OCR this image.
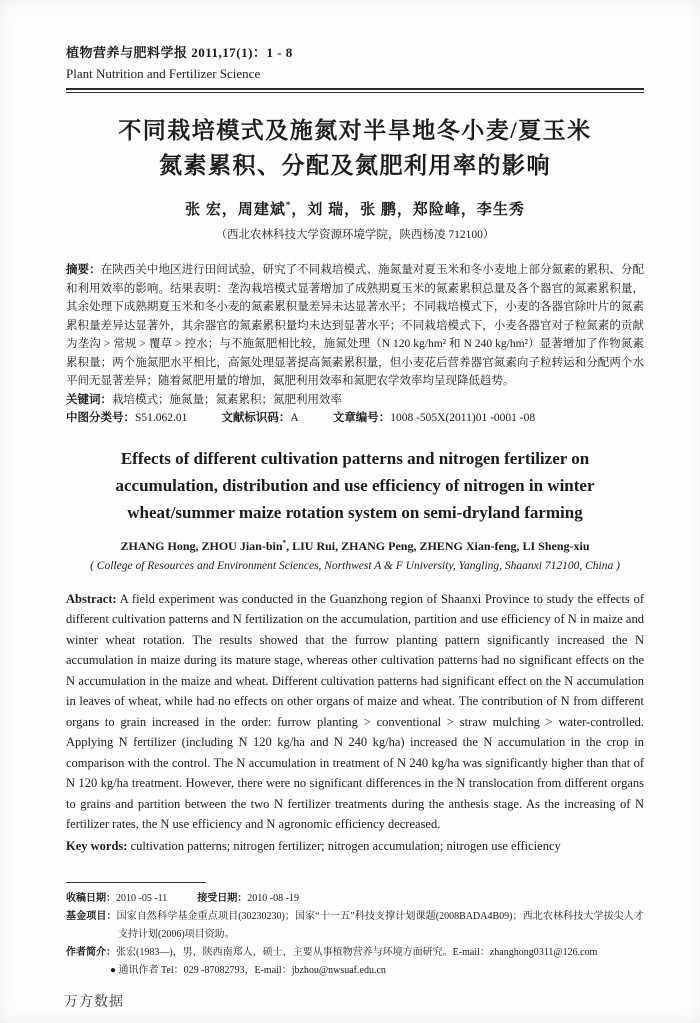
植物营养与肥料学报 2011,17(1)：1 - 8
Plant Nutrition and Fertilizer Science
不同栽培模式及施氮对半旱地冬小麦/夏玉米
氮素累积、分配及氮肥利用率的影响
张 宏，周建斌*，刘 瑞，张 鹏，郑险峰，李生秀
（西北农林科技大学资源环境学院，陕西杨凌 712100）
摘要：在陕西关中地区进行田间试验，研究了不同栽培模式、施氮量对夏玉米和冬小麦地上部分氮素的累积、分配和利用效率的影响。结果表明：垄沟栽培模式显著增加了成熟期夏玉米的氮素累积总量及各个器官的氮素累积量，其余处理下成熟期夏玉米和冬小麦的氮素累积量差异未达显著水平；不同栽培模式下，小麦的各器官除叶片的氮素累积量差异达显著外，其余器官的氮素累积量均未达到显著水平；不同栽培模式下，小麦各器官对子粒氮素的贡献为垄沟 > 常规 > 覆草 > 控水；与不施氮肥相比较，施氮处理（N 120 kg/hm² 和 N 240 kg/hm²）显著增加了作物氮素累积量；两个施氮肥水平相比，高氮处理显著提高氮素累积量，但小麦花后营养器官氮素向子粒转运和分配两个水平间无显著差异；随着氮肥用量的增加，氮肥利用效率和氮肥农学效率均呈现降低趋势。
关键词：栽培模式；施氮量；氮素累积；氮肥利用效率
中图分类号：S51.062.01	文献标识码：A	文章编号：1008 -505X(2011)01 -0001 -08
Effects of different cultivation patterns and nitrogen fertilizer on
accumulation, distribution and use efficiency of nitrogen in winter
wheat/summer maize rotation system on semi-dryland farming
ZHANG Hong, ZHOU Jian-bin*, LIU Rui, ZHANG Peng, ZHENG Xian-feng, LI Sheng-xiu
( College of Resources and Environment Sciences, Northwest A & F University, Yangling, Shaanxi 712100, China )
Abstract: A field experiment was conducted in the Guanzhong region of Shaanxi Province to study the effects of different cultivation patterns and N fertilization on the accumulation, partition and use efficiency of N in maize and winter wheat rotation. The results showed that the furrow planting pattern significantly increased the N accumulation in maize during its mature stage, whereas other cultivation patterns had no significant effects on the N accumulation in the maize and wheat. Different cultivation patterns had significant effect on the N accumulation in leaves of wheat, while had no effects on other organs of maize and wheat. The contribution of N from different organs to grain increased in the order: furrow planting > conventional > straw mulching > water-controlled. Applying N fertilizer (including N 120 kg/ha and N 240 kg/ha) increased the N accumulation in the crop in comparison with the control. The N accumulation in treatment of N 240 kg/ha was significantly higher than that of N 120 kg/ha treatment. However, there were no significant differences in the N translocation from different organs to grains and partition between the two N fertilizer treatments during the anthesis stage. As the increasing of N fertilizer rates, the N use efficiency and N agronomic efficiency decreased.
Key words: cultivation patterns; nitrogen fertilizer; nitrogen accumulation; nitrogen use efficiency
收稿日期：2010 -05 -11	接受日期：2010 -08 -19
基金项目：国家自然科学基金重点项目(30230230)；国家“十一五”科技支撑计划课题(2008BADA4B09)；西北农林科技大学拔尖人才支持计划(2006)项目资助。
作者简介：张宏(1983—)，男，陕西南郑人，硕士，主要从事植物营养与环境方面研究。E-mail：zhanghong0311@126.com
● 通讯作者 Tel：029 -87082793，E-mail：jbzhou@nwsuaf.edu.cn
万方数据
